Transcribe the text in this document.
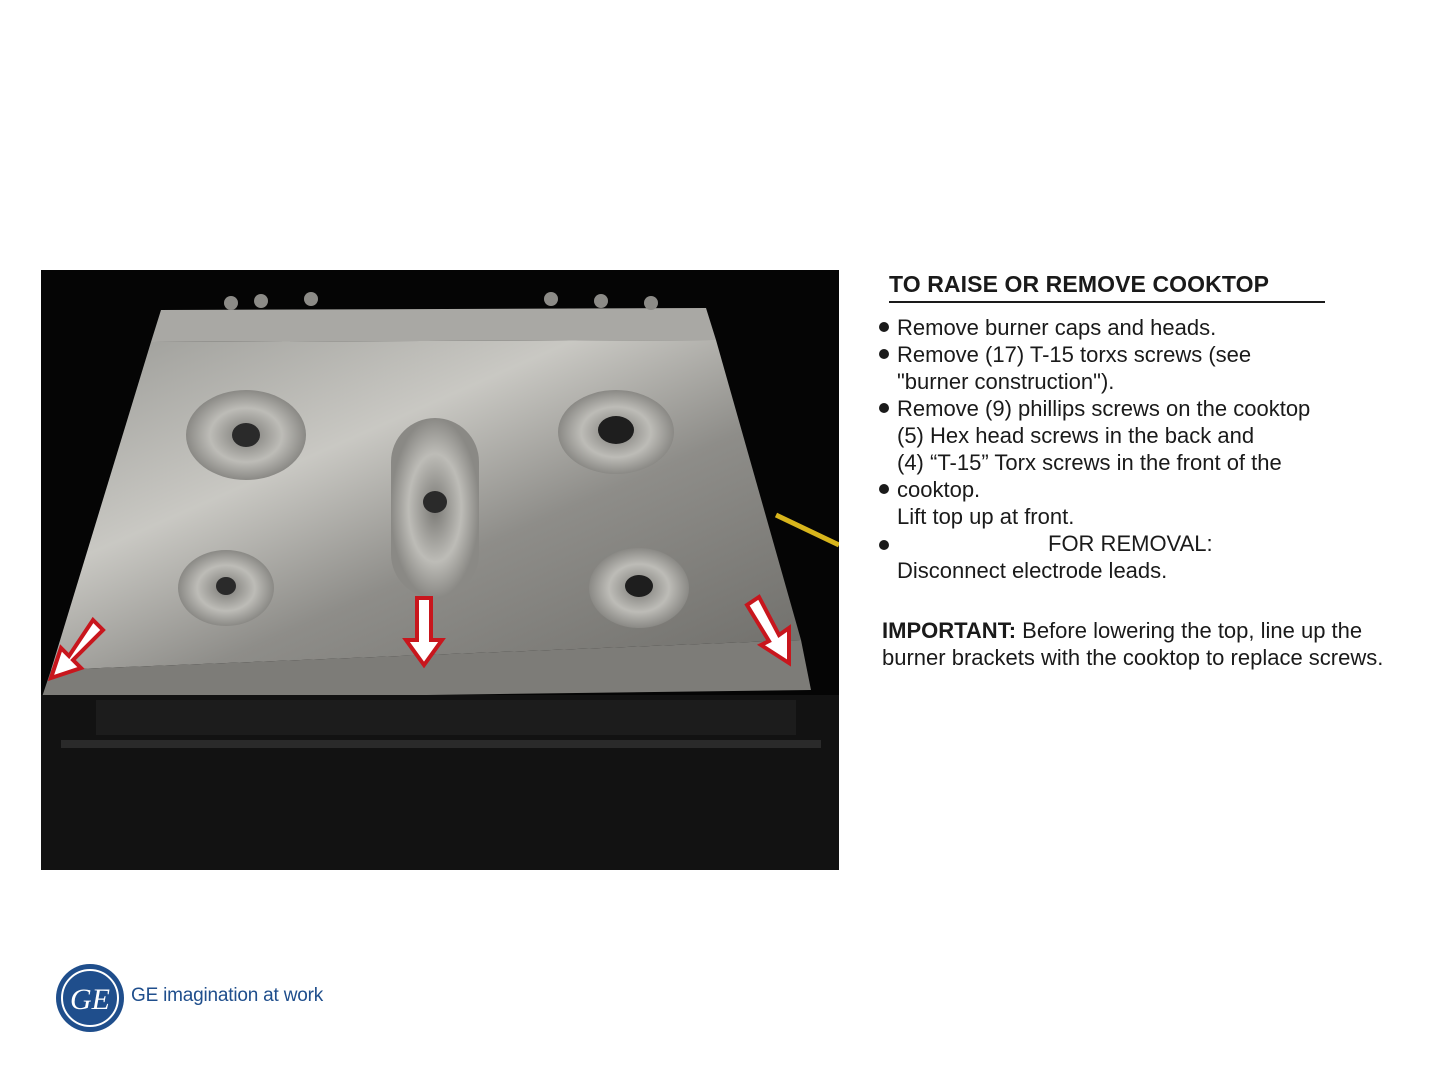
TO RAISE OR REMOVE COOKTOP
Remove burner caps and heads.
Remove (17) T-15 torxs screws (see
"burner construction").
Remove (9) phillips screws on the cooktop
(5) Hex head screws in the back and
(4) “T-15” Torx screws in the front of the
cooktop.
Lift top up at front.
FOR REMOVAL:
Disconnect electrode leads.
IMPORTANT: Before lowering the top, line up the burner brackets with the cooktop to replace screws.
GE GE imagination at work
